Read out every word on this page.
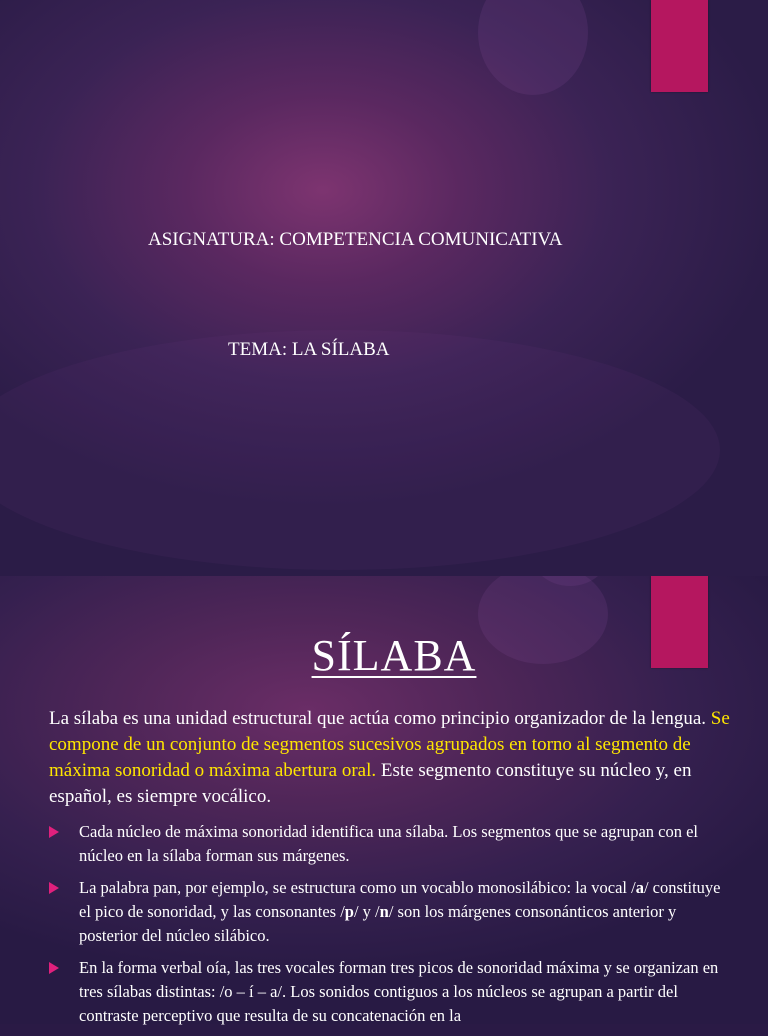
ASIGNATURA: COMPETENCIA COMUNICATIVA
TEMA: LA SÍLABA
SÍLABA
La sílaba es una unidad estructural que actúa como principio organizador de la lengua. Se compone de un conjunto de segmentos sucesivos agrupados en torno al segmento de máxima sonoridad o máxima abertura oral. Este segmento constituye su núcleo y, en español, es siempre vocálico.
Cada núcleo de máxima sonoridad identifica una sílaba. Los segmentos que se agrupan con el núcleo en la sílaba forman sus márgenes.
La palabra pan, por ejemplo, se estructura como un vocablo monosilábico: la vocal /a/ constituye el pico de sonoridad, y las consonantes /p/ y /n/ son los márgenes consonánticos anterior y posterior del núcleo silábico.
En la forma verbal oía, las tres vocales forman tres picos de sonoridad máxima y se organizan en tres sílabas distintas: /o – í – a/. Los sonidos contiguos a los núcleos se agrupan a partir del contraste perceptivo que resulta de su concatenación en la
